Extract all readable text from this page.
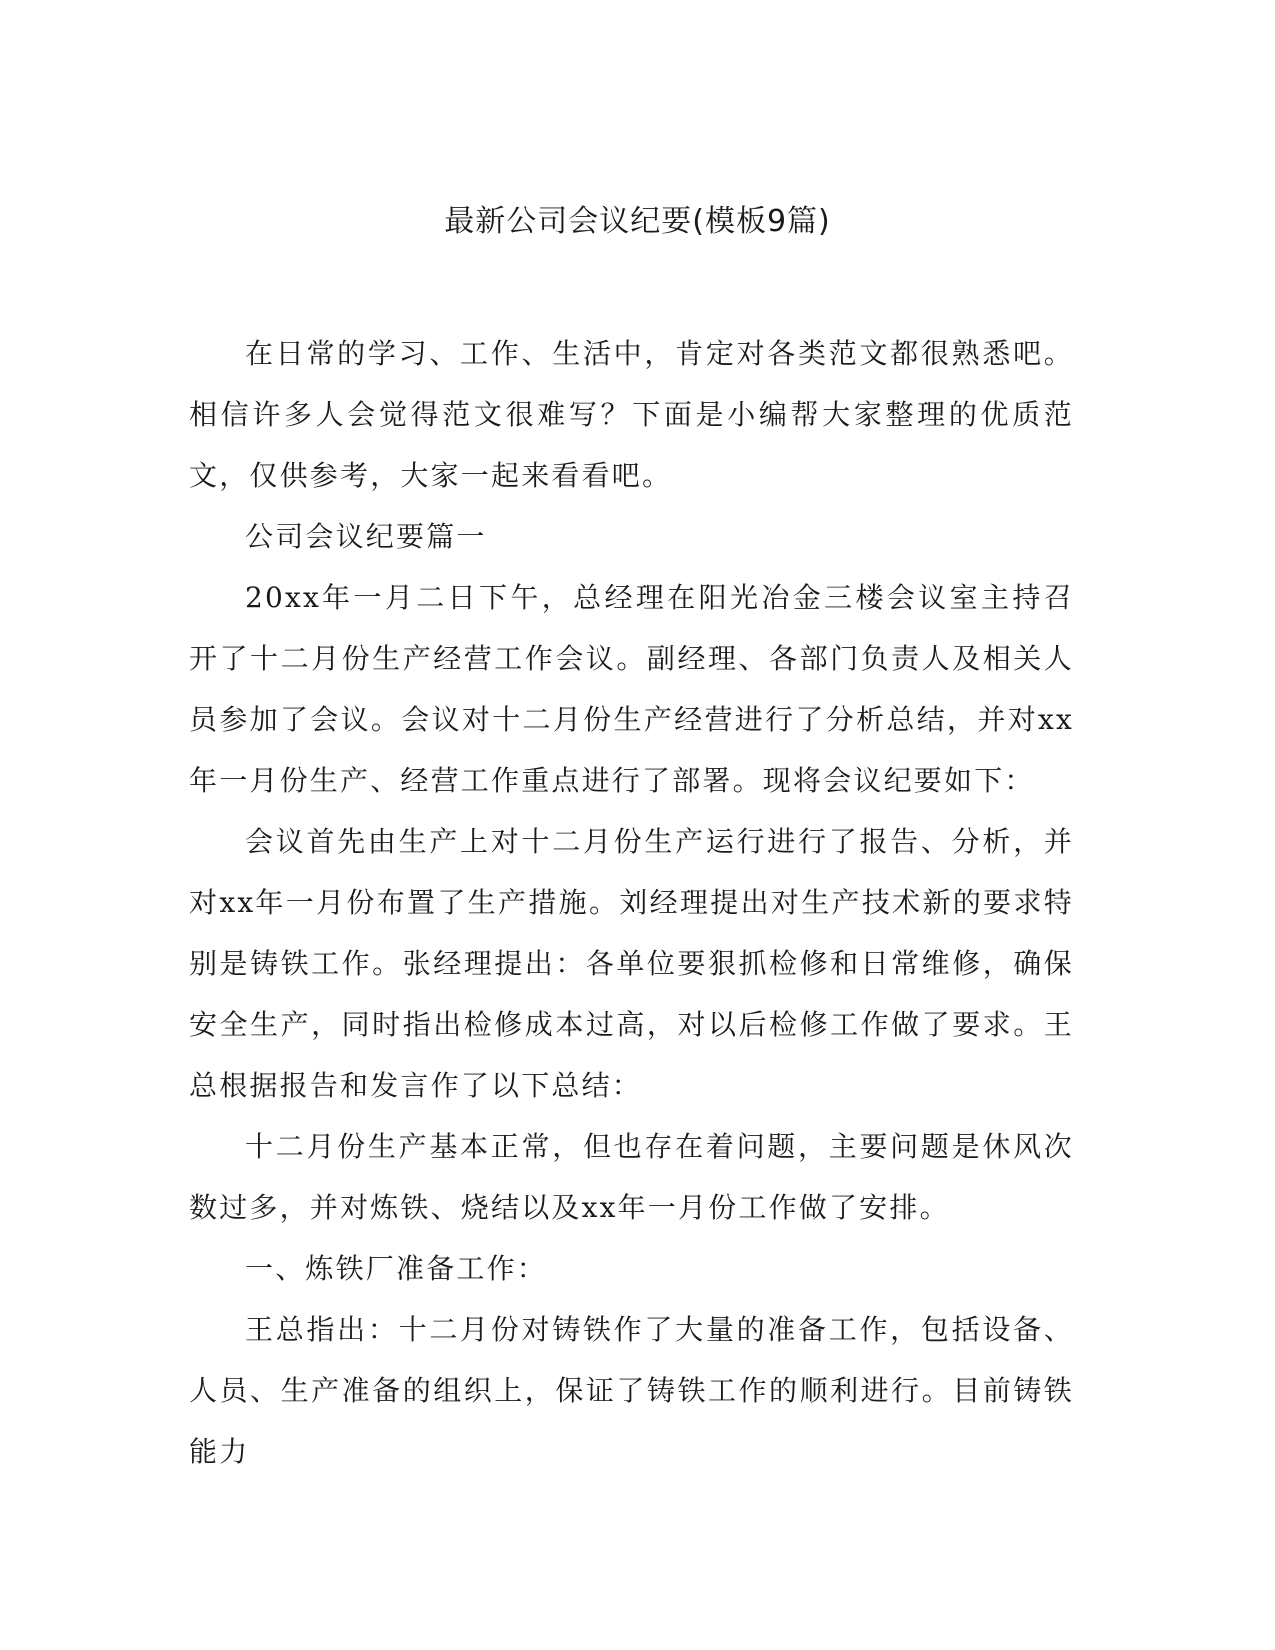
最新公司会议纪要(模板9篇)

在日常的学习、工作、生活中，肯定对各类范文都很熟悉吧。相信许多人会觉得范文很难写？下面是小编帮大家整理的优质范文，仅供参考，大家一起来看看吧。

公司会议纪要篇一

20xx年一月二日下午，总经理在阳光冶金三楼会议室主持召开了十二月份生产经营工作会议。副经理、各部门负责人及相关人员参加了会议。会议对十二月份生产经营进行了分析总结，并对xx年一月份生产、经营工作重点进行了部署。现将会议纪要如下：

会议首先由生产上对十二月份生产运行进行了报告、分析，并对xx年一月份布置了生产措施。刘经理提出对生产技术新的要求特别是铸铁工作。张经理提出：各单位要狠抓检修和日常维修，确保安全生产，同时指出检修成本过高，对以后检修工作做了要求。王总根据报告和发言作了以下总结：

十二月份生产基本正常，但也存在着问题，主要问题是休风次数过多，并对炼铁、烧结以及xx年一月份工作做了安排。

一、炼铁厂准备工作：

王总指出：十二月份对铸铁作了大量的准备工作，包括设备、人员、生产准备的组织上，保证了铸铁工作的顺利进行。目前铸铁能力
